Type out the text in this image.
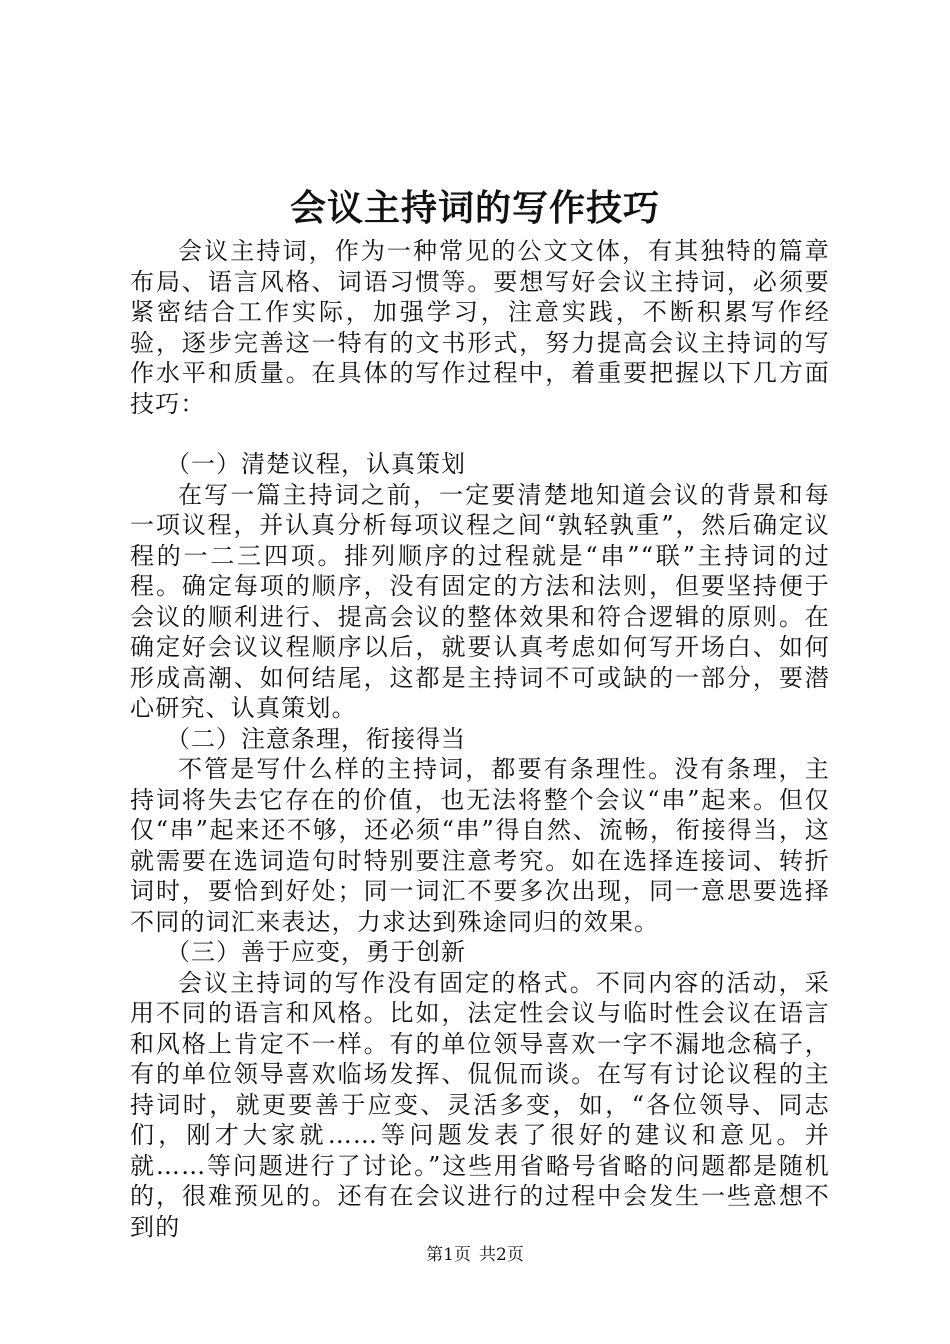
会议主持词的写作技巧

会议主持词，作为一种常见的公文文体，有其独特的篇章布局、语言风格、词语习惯等。要想写好会议主持词，必须要紧密结合工作实际，加强学习，注意实践，不断积累写作经验，逐步完善这一特有的文书形式，努力提高会议主持词的写作水平和质量。在具体的写作过程中，着重要把握以下几方面技巧：

（一）清楚议程，认真策划

在写一篇主持词之前，一定要清楚地知道会议的背景和每一项议程，并认真分析每项议程之间“孰轻孰重”，然后确定议程的一二三四项。排列顺序的过程就是“串”“联”主持词的过程。确定每项的顺序，没有固定的方法和法则，但要坚持便于会议的顺利进行、提高会议的整体效果和符合逻辑的原则。在确定好会议议程顺序以后，就要认真考虑如何写开场白、如何形成高潮、如何结尾，这都是主持词不可或缺的一部分，要潜心研究、认真策划。

（二）注意条理，衔接得当

不管是写什么样的主持词，都要有条理性。没有条理，主持词将失去它存在的价值，也无法将整个会议“串”起来。但仅仅“串”起来还不够，还必须“串”得自然、流畅，衔接得当，这就需要在选词造句时特别要注意考究。如在选择连接词、转折词时，要恰到好处；同一词汇不要多次出现，同一意思要选择不同的词汇来表达，力求达到殊途同归的效果。

（三）善于应变，勇于创新

会议主持词的写作没有固定的格式。不同内容的活动，采用不同的语言和风格。比如，法定性会议与临时性会议在语言和风格上肯定不一样。有的单位领导喜欢一字不漏地念稿子，有的单位领导喜欢临场发挥、侃侃而谈。在写有讨论议程的主持词时，就更要善于应变、灵活多变，如，“各位领导、同志们，刚才大家就……等问题发表了很好的建议和意见。并就……等问题进行了讨论。”这些用省略号省略的问题都是随机的，很难预见的。还有在会议进行的过程中会发生一些意想不到的

第1页 共2页
